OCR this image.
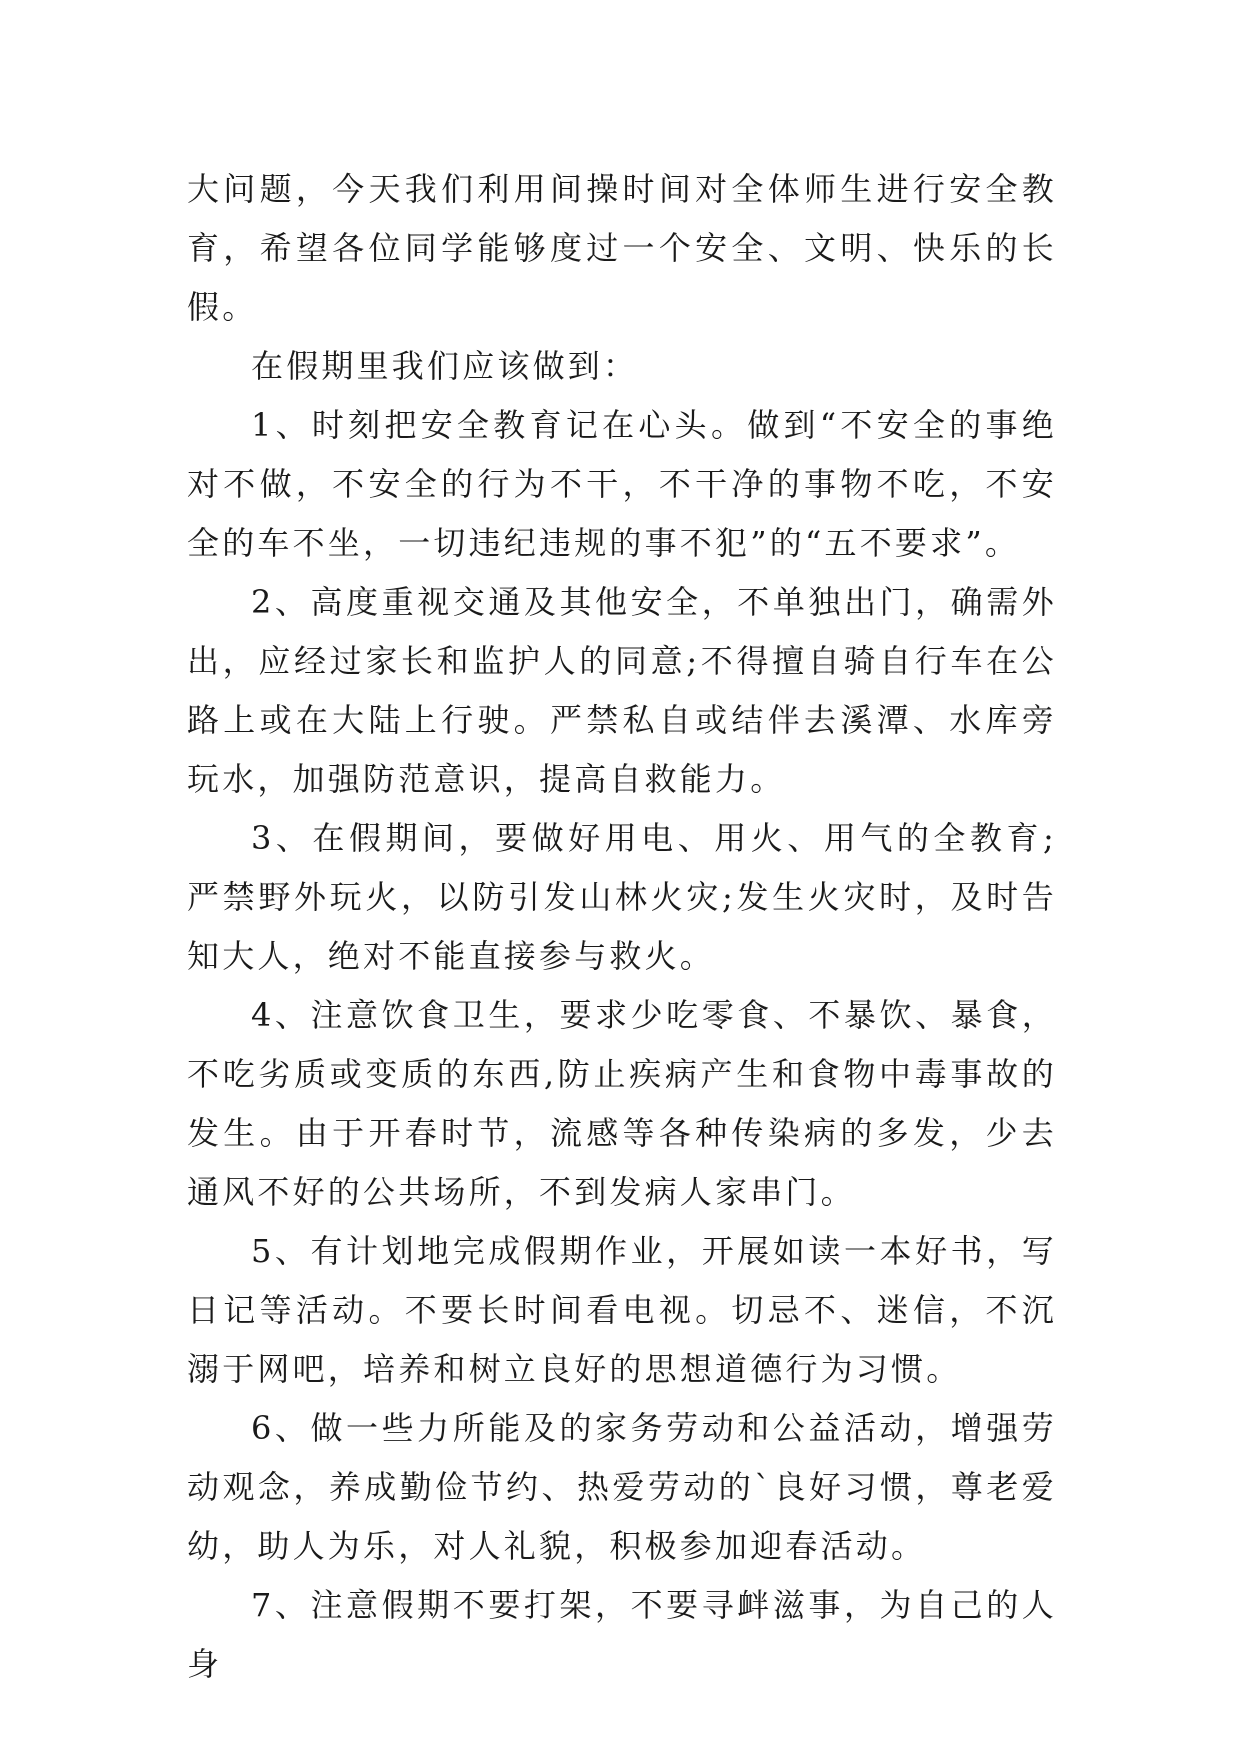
大问题，今天我们利用间操时间对全体师生进行安全教育，希望各位同学能够度过一个安全、文明、快乐的长假。

在假期里我们应该做到：

1、时刻把安全教育记在心头。做到“不安全的事绝对不做，不安全的行为不干，不干净的事物不吃，不安全的车不坐，一切违纪违规的事不犯”的“五不要求”。

2、高度重视交通及其他安全，不单独出门，确需外出，应经过家长和监护人的同意;不得擅自骑自行车在公路上或在大陆上行驶。严禁私自或结伴去溪潭、水库旁玩水，加强防范意识，提高自救能力。

3、在假期间，要做好用电、用火、用气的全教育;严禁野外玩火，以防引发山林火灾;发生火灾时，及时告知大人，绝对不能直接参与救火。

4、注意饮食卫生，要求少吃零食、不暴饮、暴食，不吃劣质或变质的东西,防止疾病产生和食物中毒事故的发生。由于开春时节，流感等各种传染病的多发，少去通风不好的公共场所，不到发病人家串门。

5、有计划地完成假期作业，开展如读一本好书，写日记等活动。不要长时间看电视。切忌不、迷信，不沉溺于网吧，培养和树立良好的思想道德行为习惯。

6、做一些力所能及的家务劳动和公益活动，增强劳动观念，养成勤俭节约、热爱劳动的`良好习惯，尊老爱幼，助人为乐，对人礼貌，积极参加迎春活动。

7、注意假期不要打架，不要寻衅滋事，为自己的人身
